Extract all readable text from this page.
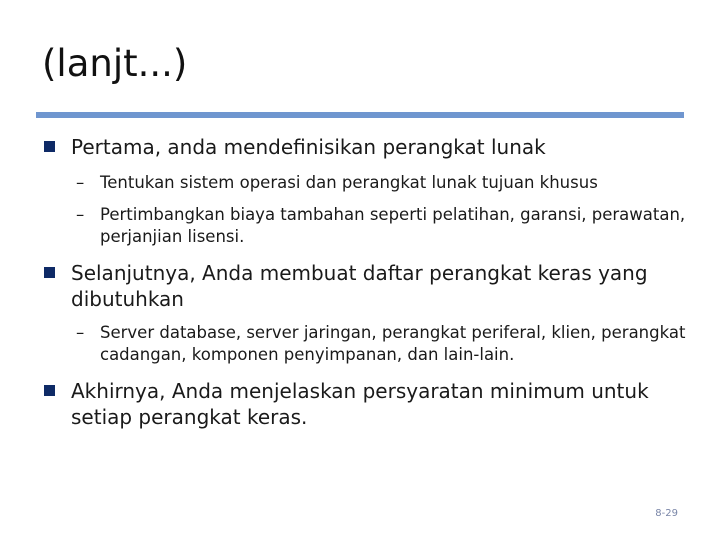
(lanjt...)
Pertama, anda mendefinisikan perangkat lunak
– Tentukan sistem operasi dan perangkat lunak tujuan khusus
– Pertimbangkan biaya tambahan seperti pelatihan, garansi, perawatan, perjanjian lisensi.
Selanjutnya, Anda membuat daftar perangkat keras yang dibutuhkan
– Server database, server jaringan, perangkat periferal, klien, perangkat cadangan, komponen penyimpanan, dan lain-lain.
Akhirnya, Anda menjelaskan persyaratan minimum untuk setiap perangkat keras.
8-29
